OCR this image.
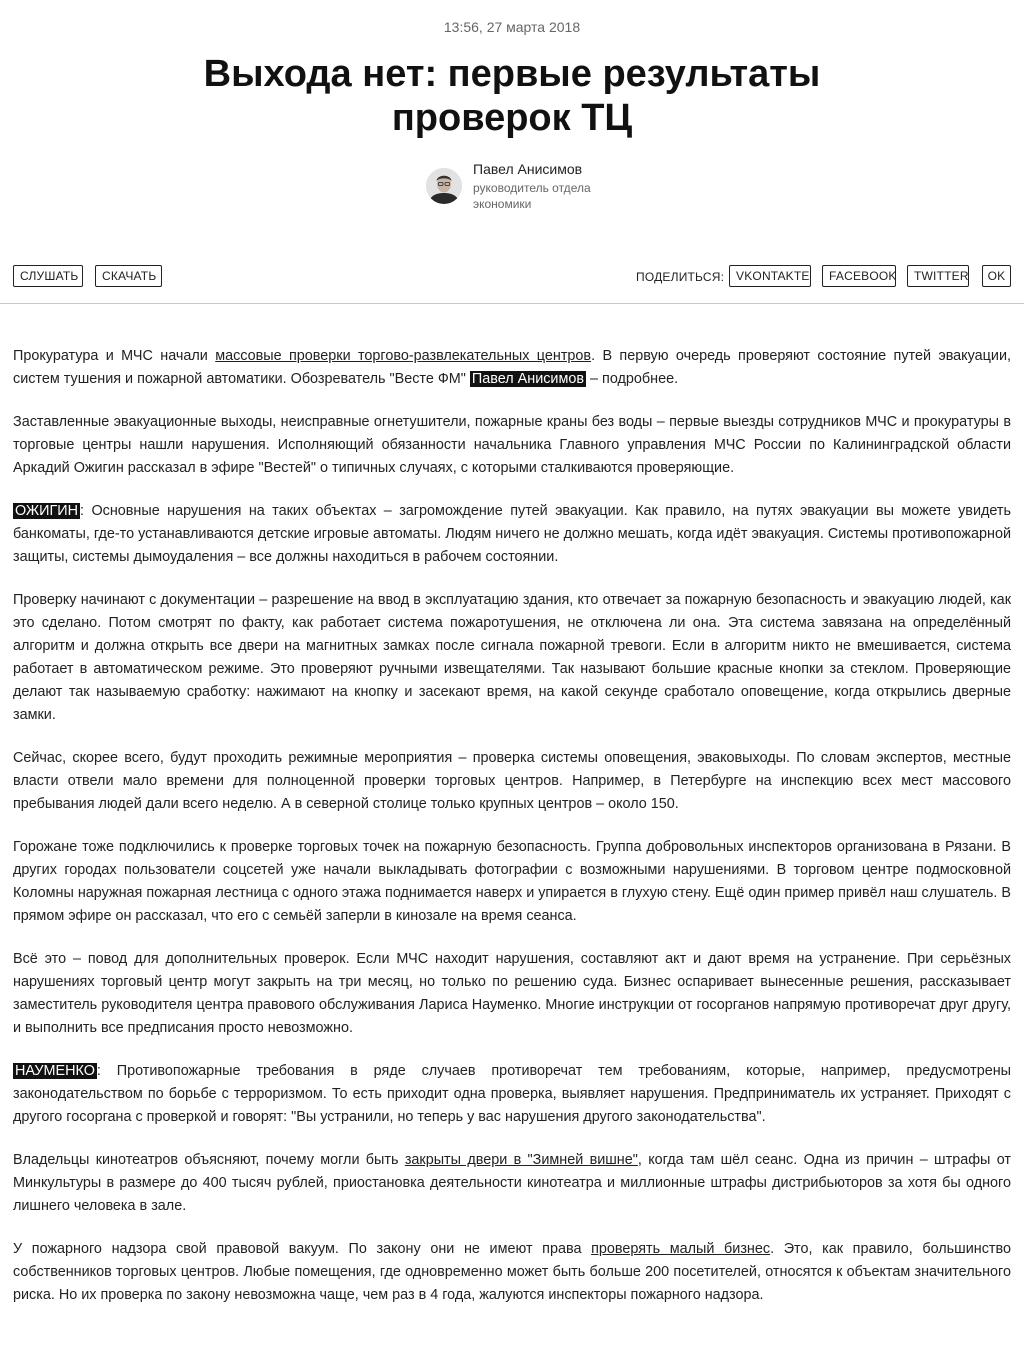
13:56, 27 марта 2018
Выхода нет: первые результаты проверок ТЦ
Павел Анисимов
руководитель отдела экономики
СЛУШАТЬ	СКАЧАТЬ	ПОДЕЛИТЬСЯ: VKONTAKTE	FACEBOOK	TWITTER	OK

Прокуратура и МЧС начали массовые проверки торгово-развлекательных центров. В первую очередь проверяют состояние путей эвакуации, систем тушения и пожарной автоматики. Обозреватель "Весте ФМ" Павел Анисимов – подробнее.

Заставленные эвакуационные выходы, неисправные огнетушители, пожарные краны без воды – первые выезды сотрудников МЧС и прокуратуры в торговые центры нашли нарушения. Исполняющий обязанности начальника Главного управления МЧС России по Калининградской области Аркадий Ожигин рассказал в эфире "Вестей" о типичных случаях, с которыми сталкиваются проверяющие.

ОЖИГИН : Основные нарушения на таких объектах – загромождение путей эвакуации. Как правило, на путях эвакуации вы можете увидеть банкоматы, где-то устанавливаются детские игровые автоматы. Людям ничего не должно мешать, когда идёт эвакуация. Системы противопожарной защиты, системы дымоудаления – все должны находиться в рабочем состоянии.

Проверку начинают с документации – разрешение на ввод в эксплуатацию здания, кто отвечает за пожарную безопасность и эвакуацию людей, как это сделано. Потом смотрят по факту, как работает система пожаротушения, не отключена ли она. Эта система завязана на определённый алгоритм и должна открыть все двери на магнитных замках после сигнала пожарной тревоги. Если в алгоритм никто не вмешивается, система работает в автоматическом режиме. Это проверяют ручными извещателями. Так называют большие красные кнопки за стеклом. Проверяющие делают так называемую сработку: нажимают на кнопку и засекают время, на какой секунде сработало оповещение, когда открылись дверные замки.

Сейчас, скорее всего, будут проходить режимные мероприятия – проверка системы оповещения, эваковыходы. По словам экспертов, местные власти отвели мало времени для полноценной проверки торговых центров. Например, в Петербурге на инспекцию всех мест массового пребывания людей дали всего неделю. А в северной столице только крупных центров – около 150.

Горожане тоже подключились к проверке торговых точек на пожарную безопасность. Группа добровольных инспекторов организована в Рязани. В других городах пользователи соцсетей уже начали выкладывать фотографии с возможными нарушениями. В торговом центре подмосковной Коломны наружная пожарная лестница с одного этажа поднимается наверх и упирается в глухую стену. Ещё один пример привёл наш слушатель. В прямом эфире он рассказал, что его с семьёй заперли в кинозале на время сеанса.

Всё это – повод для дополнительных проверок. Если МЧС находит нарушения, составляют акт и дают время на устранение. При серьёзных нарушениях торговый центр могут закрыть на три месяц, но только по решению суда. Бизнес оспаривает вынесенные решения, рассказывает заместитель руководителя центра правового обслуживания Лариса Науменко. Многие инструкции от госорганов напрямую противоречат друг другу, и выполнить все предписания просто невозможно.

НАУМЕНКО : Противопожарные требования в ряде случаев противоречат тем требованиям, которые, например, предусмотрены законодательством по борьбе с терроризмом. То есть приходит одна проверка, выявляет нарушения. Предприниматель их устраняет. Приходят с другого госоргана с проверкой и говорят: "Вы устранили, но теперь у вас нарушения другого законодательства".

Владельцы кинотеатров объясняют, почему могли быть закрыты двери в "Зимней вишне", когда там шёл сеанс. Одна из причин – штрафы от Минкультуры в размере до 400 тысяч рублей, приостановка деятельности кинотеатра и миллионные штрафы дистрибьюторов за хотя бы одного лишнего человека в зале.

У пожарного надзора свой правовой вакуум. По закону они не имеют права проверять малый бизнес. Это, как правило, большинство собственников торговых центров. Любые помещения, где одновременно может быть больше 200 посетителей, относятся к объектам значительного риска. Но их проверка по закону невозможна чаще, чем раз в 4 года, жалуются инспекторы пожарного надзора.
